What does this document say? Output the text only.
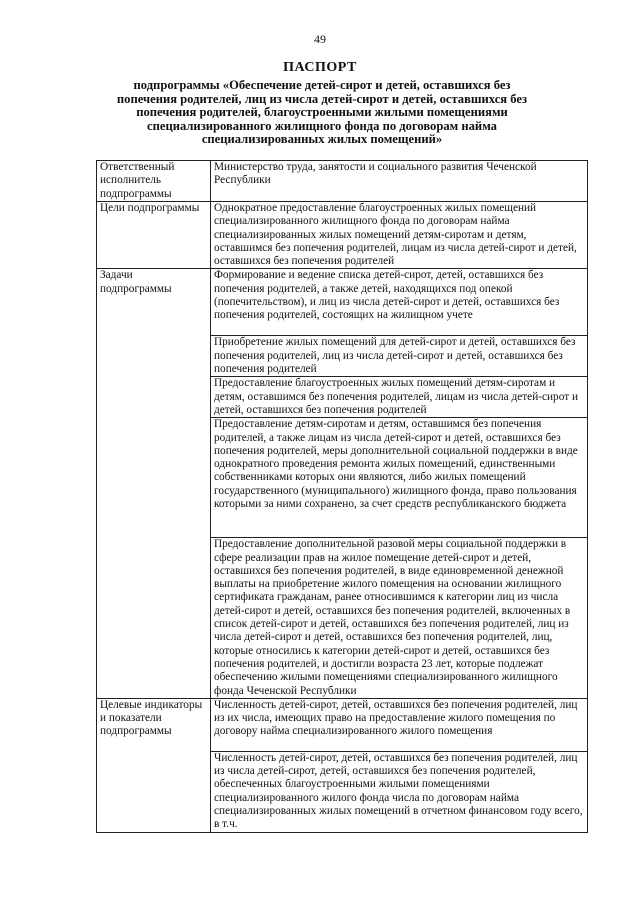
49
ПАСПОРТ
подпрограммы «Обеспечение детей-сирот и детей, оставшихся без
попечения родителей, лиц из числа детей-сирот и детей, оставшихся без
попечения родителей, благоустроенными жилыми помещениями
специализированного жилищного фонда по договорам найма
специализированных жилых помещений»
Ответственный исполнитель подпрограммы	Министерство труда, занятости и социального развития Чеченской Республики
Цели подпрограммы	Однократное предоставление благоустроенных жилых помещений специализированного жилищного фонда по договорам найма специализированных жилых помещений детям-сиротам и детям, оставшимся без попечения родителей, лицам из числа детей-сирот и детей, оставшихся без попечения родителей
Задачи подпрограммы	Формирование и ведение списка детей-сирот, детей, оставшихся без попечения родителей, а также детей, находящихся под опекой (попечительством), и лиц из числа детей-сирот и детей, оставшихся без попечения родителей, состоящих на жилищном учете
	Приобретение жилых помещений для детей-сирот и детей, оставшихся без попечения родителей, лиц из числа детей-сирот и детей, оставшихся без попечения родителей
	Предоставление благоустроенных жилых помещений детям-сиротам и детям, оставшимся без попечения родителей, лицам из числа детей-сирот и детей, оставшихся без попечения родителей
	Предоставление детям-сиротам и детям, оставшимся без попечения родителей, а также лицам из числа детей-сирот и детей, оставшихся без попечения родителей, меры дополнительной социальной поддержки в виде однократного проведения ремонта жилых помещений, единственными собственниками которых они являются, либо жилых помещений государственного (муниципального) жилищного фонда, право пользования которыми за ними сохранено, за счет средств республиканского бюджета
	Предоставление дополнительной разовой меры социальной поддержки в сфере реализации прав на жилое помещение детей-сирот и детей, оставшихся без попечения родителей, в виде единовременной денежной выплаты на приобретение жилого помещения на основании жилищного сертификата гражданам, ранее относившимся к категории лиц из числа детей-сирот и детей, оставшихся без попечения родителей, включенных в список детей-сирот и детей, оставшихся без попечения родителей, лиц из числа детей-сирот и детей, оставшихся без попечения родителей, лиц, которые относились к категории детей-сирот и детей, оставшихся без попечения родителей, и достигли возраста 23 лет, которые подлежат обеспечению жилыми помещениями специализированного жилищного фонда Чеченской Республики
Целевые индикаторы и показатели подпрограммы	Численность детей-сирот, детей, оставшихся без попечения родителей, лиц из их числа, имеющих право на предоставление жилого помещения по договору найма специализированного жилого помещения
	Численность детей-сирот, детей, оставшихся без попечения родителей, лиц из числа детей-сирот, детей, оставшихся без попечения родителей, обеспеченных благоустроенными жилыми помещениями специализированного жилого фонда числа по договорам найма специализированных жилых помещений в отчетном финансовом году всего, в т.ч.
